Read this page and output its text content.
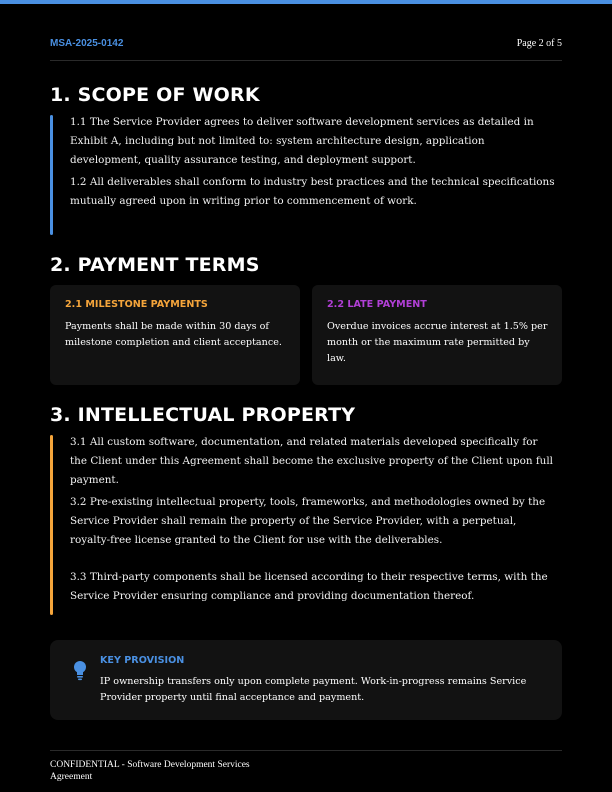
MSA-2025-0142	Page 2 of 5
1. SCOPE OF WORK

1.1 The Service Provider agrees to deliver software development services as detailed in Exhibit A, including but not limited to: system architecture design, application development, quality assurance testing, and deployment support.

1.2 All deliverables shall conform to industry best practices and the technical specifications mutually agreed upon in writing prior to commencement of work.

2. PAYMENT TERMS
2.1 MILESTONE PAYMENTS

Payments shall be made within 30 days of milestone completion and client acceptance.

2.2 LATE PAYMENT

Overdue invoices accrue interest at 1.5% per month or the maximum rate permitted by law.

3. INTELLECTUAL PROPERTY

3.1 All custom software, documentation, and related materials developed specifically for the Client under this Agreement shall become the exclusive property of the Client upon full payment.

3.2 Pre-existing intellectual property, tools, frameworks, and methodologies owned by the Service Provider shall remain the property of the Service Provider, with a perpetual, royalty-free license granted to the Client for use with the deliverables.

3.3 Third-party components shall be licensed according to their respective terms, with the Service Provider ensuring compliance and providing documentation thereof.

KEY PROVISION

IP ownership transfers only upon complete payment. Work-in-progress remains Service Provider property until final acceptance and payment.

CONFIDENTIAL - Software Development Services Agreement
